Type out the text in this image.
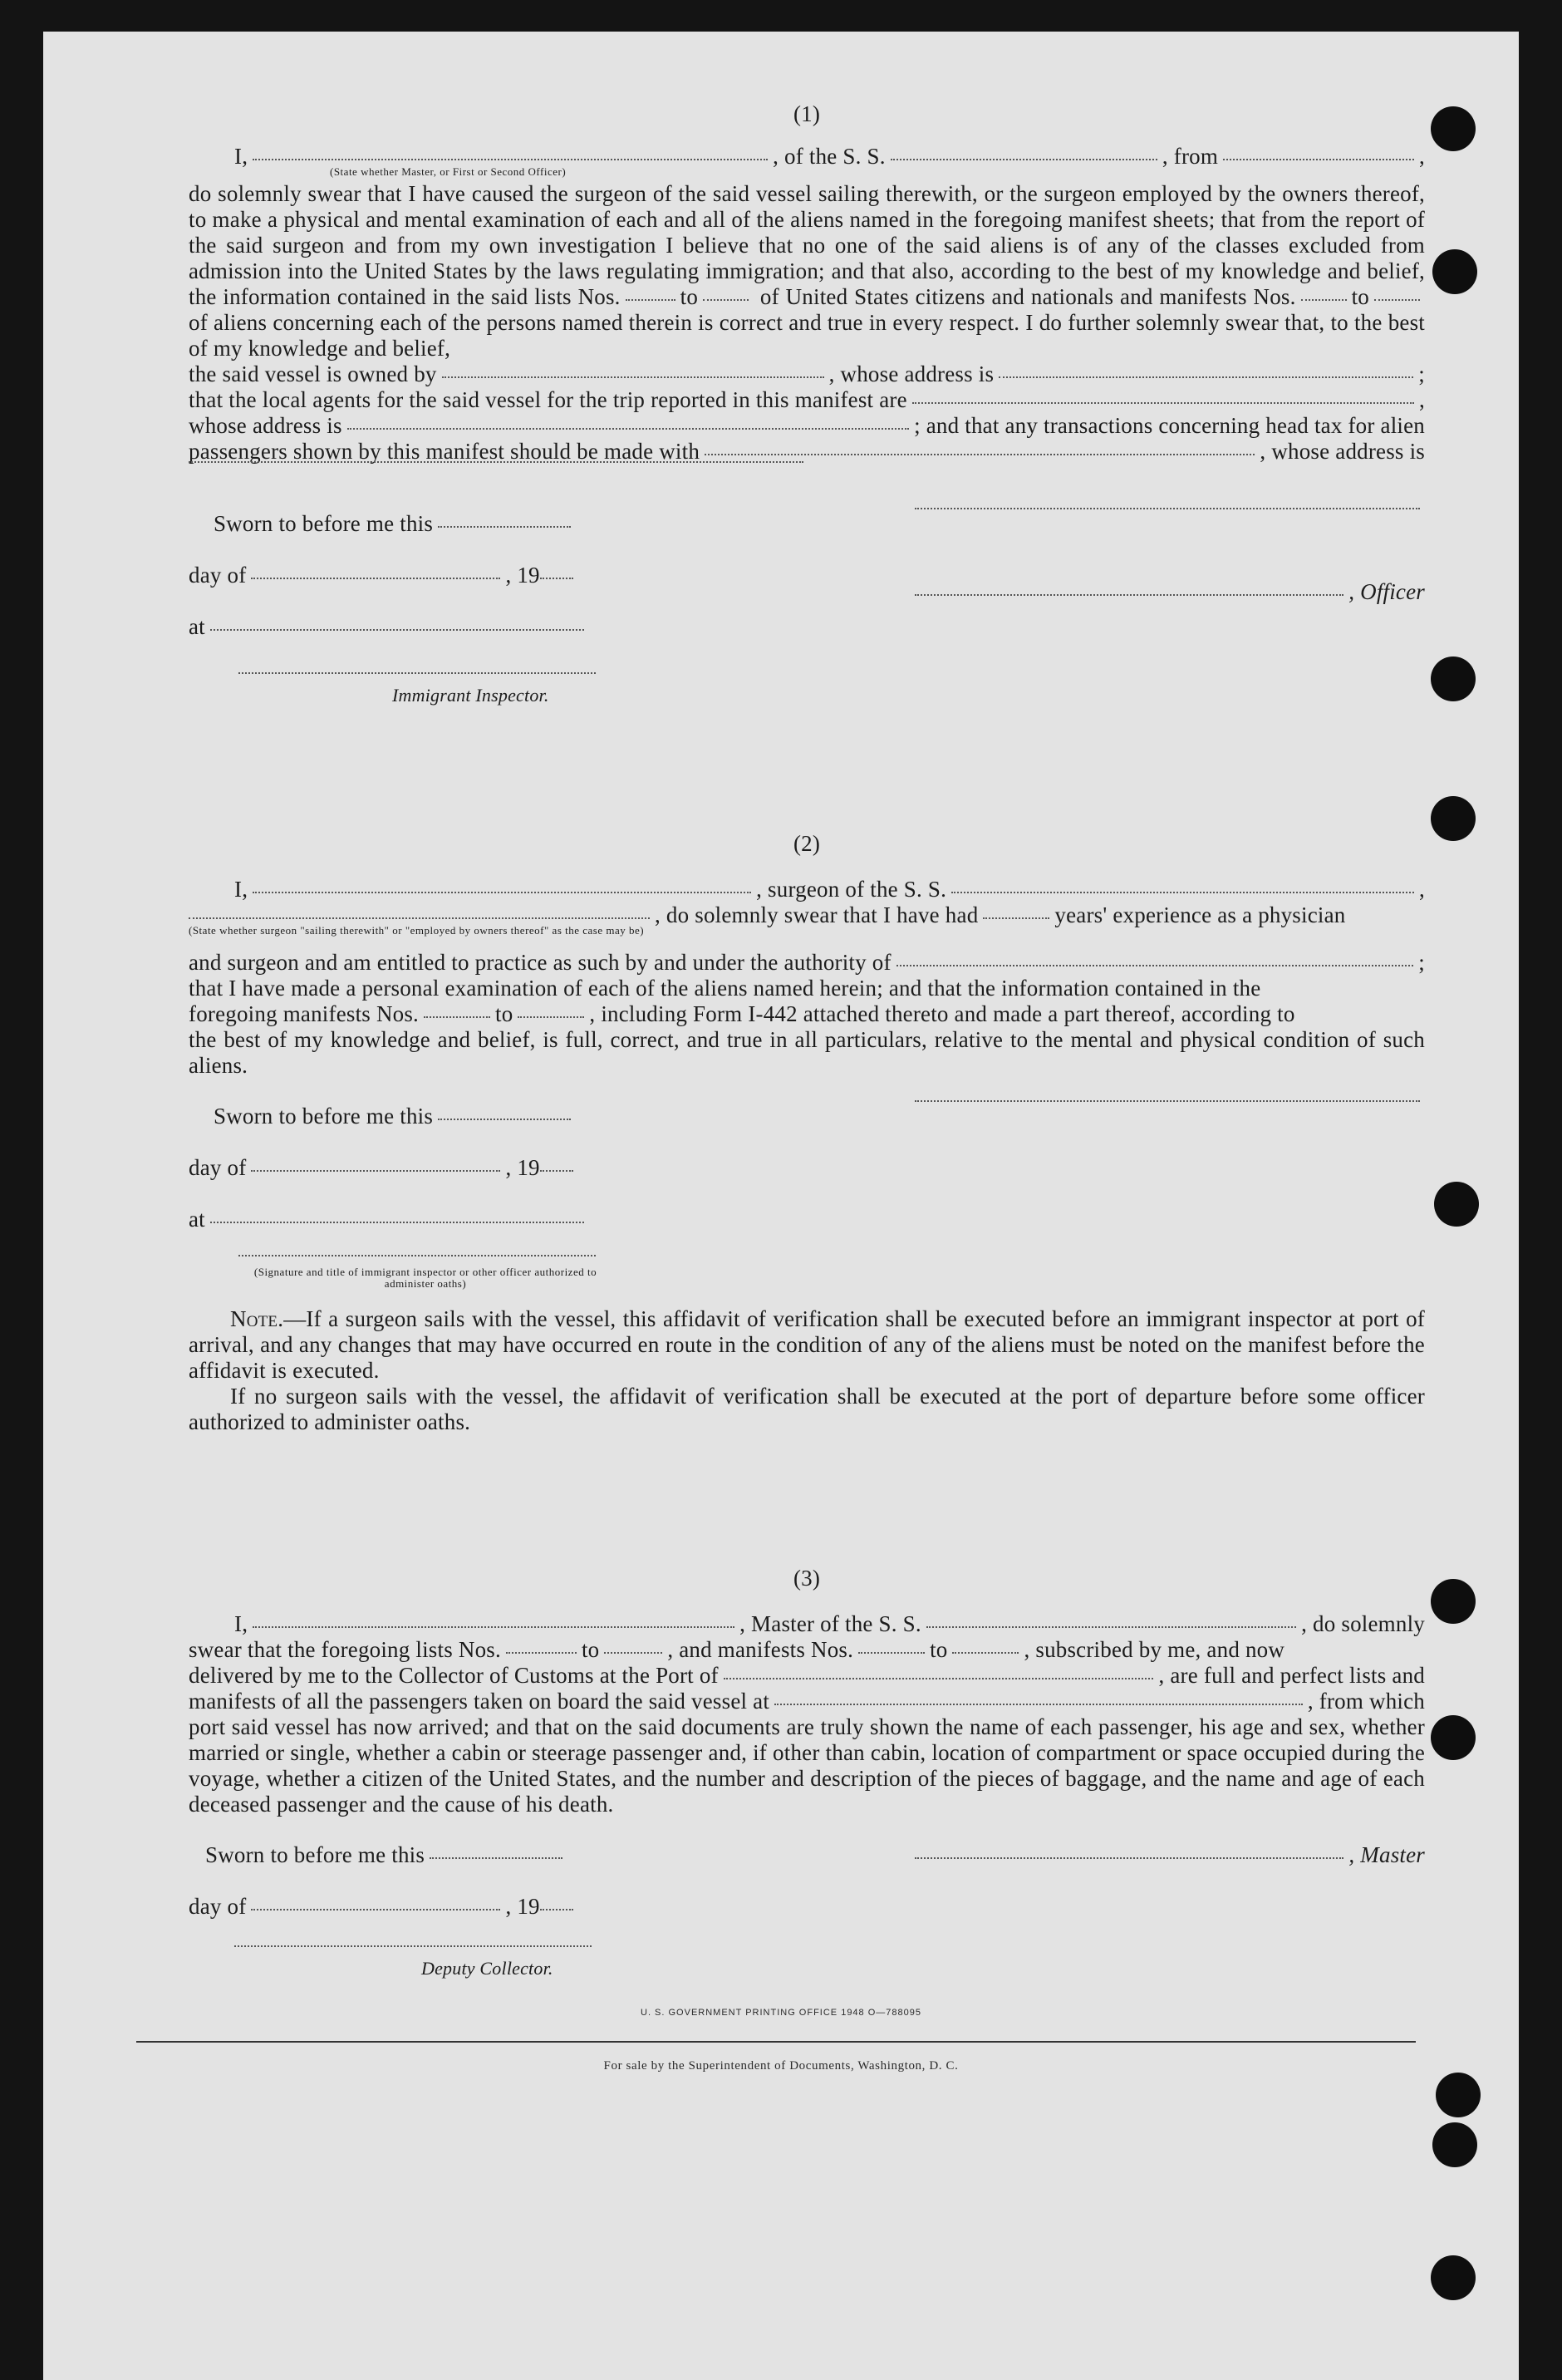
(1)
I,	, of the S. S.	, from	,
(State whether Master, or First or Second Officer)
do solemnly swear that I have caused the surgeon of the said vessel sailing therewith, or the surgeon employed by the owners thereof, to make a physical and mental examination of each and all of the aliens named in the foregoing manifest sheets; that from the report of the said surgeon and from my own investigation I believe that no one of the said aliens is of any of the classes excluded from admission into the United States by the laws regulating immigration; and that also, according to the best of my knowledge and belief, the information contained in the said lists Nos.	to	of United States citizens and nationals and manifests Nos. toof aliens concerning each of the persons named therein is correct and true in every respect. I do further solemnly swear that, to the best of my knowledge and belief,
the said vessel is owned by	, whose address is	;
that the local agents for the said vessel for the trip reported in this manifest are	,
whose address is	; and that any transactions concerning head tax for alien
passengers shown by this manifest should be made with	, whose address is
Sworn to before me this
day of	, 19
, Officer
at
Immigrant Inspector.
(2)
I,	, surgeon of the S. S.	,
, do solemnly swear that I have had	years' experience as a physician
(State whether surgeon "sailing therewith" or "employed by owners thereof" as the case may be)
and surgeon and am entitled to practice as such by and under the authority of	;
that I have made a personal examination of each of the aliens named herein; and that the information contained in the
foregoing manifests Nos.	to	, including Form I-442 attached thereto and made a part thereof, according to
the best of my knowledge and belief, is full, correct, and true in all particulars, relative to the mental and physical condition of such aliens.
Sworn to before me this
day of	, 19
at
(Signature and title of immigrant inspector or other officer authorized to administer oaths)
Note.—If a surgeon sails with the vessel, this affidavit of verification shall be executed before an immigrant inspector at port of arrival, and any changes that may have occurred en route in the condition of any of the aliens must be noted on the manifest before the affidavit is executed.
If no surgeon sails with the vessel, the affidavit of verification shall be executed at the port of departure before some officer authorized to administer oaths.
(3)
I,	, Master of the S. S.	, do solemnly
swear that the foregoing lists Nos.	to	, and manifests Nos.	to	, subscribed by me, and now
delivered by me to the Collector of Customs at the Port of	, are full and perfect lists and
manifests of all the passengers taken on board the said vessel at	, from which
port said vessel has now arrived; and that on the said documents are truly shown the name of each passenger, his age and sex, whether married or single, whether a cabin or steerage passenger and, if other than cabin, location of compartment or space occupied during the voyage, whether a citizen of the United States, and the number and description of the pieces of baggage, and the name and age of each deceased passenger and the cause of his death.
Sworn to before me this	, Master
day of	, 19
Deputy Collector.
U. S. GOVERNMENT PRINTING OFFICE 1948 O—788095
For sale by the Superintendent of Documents, Washington, D. C.
